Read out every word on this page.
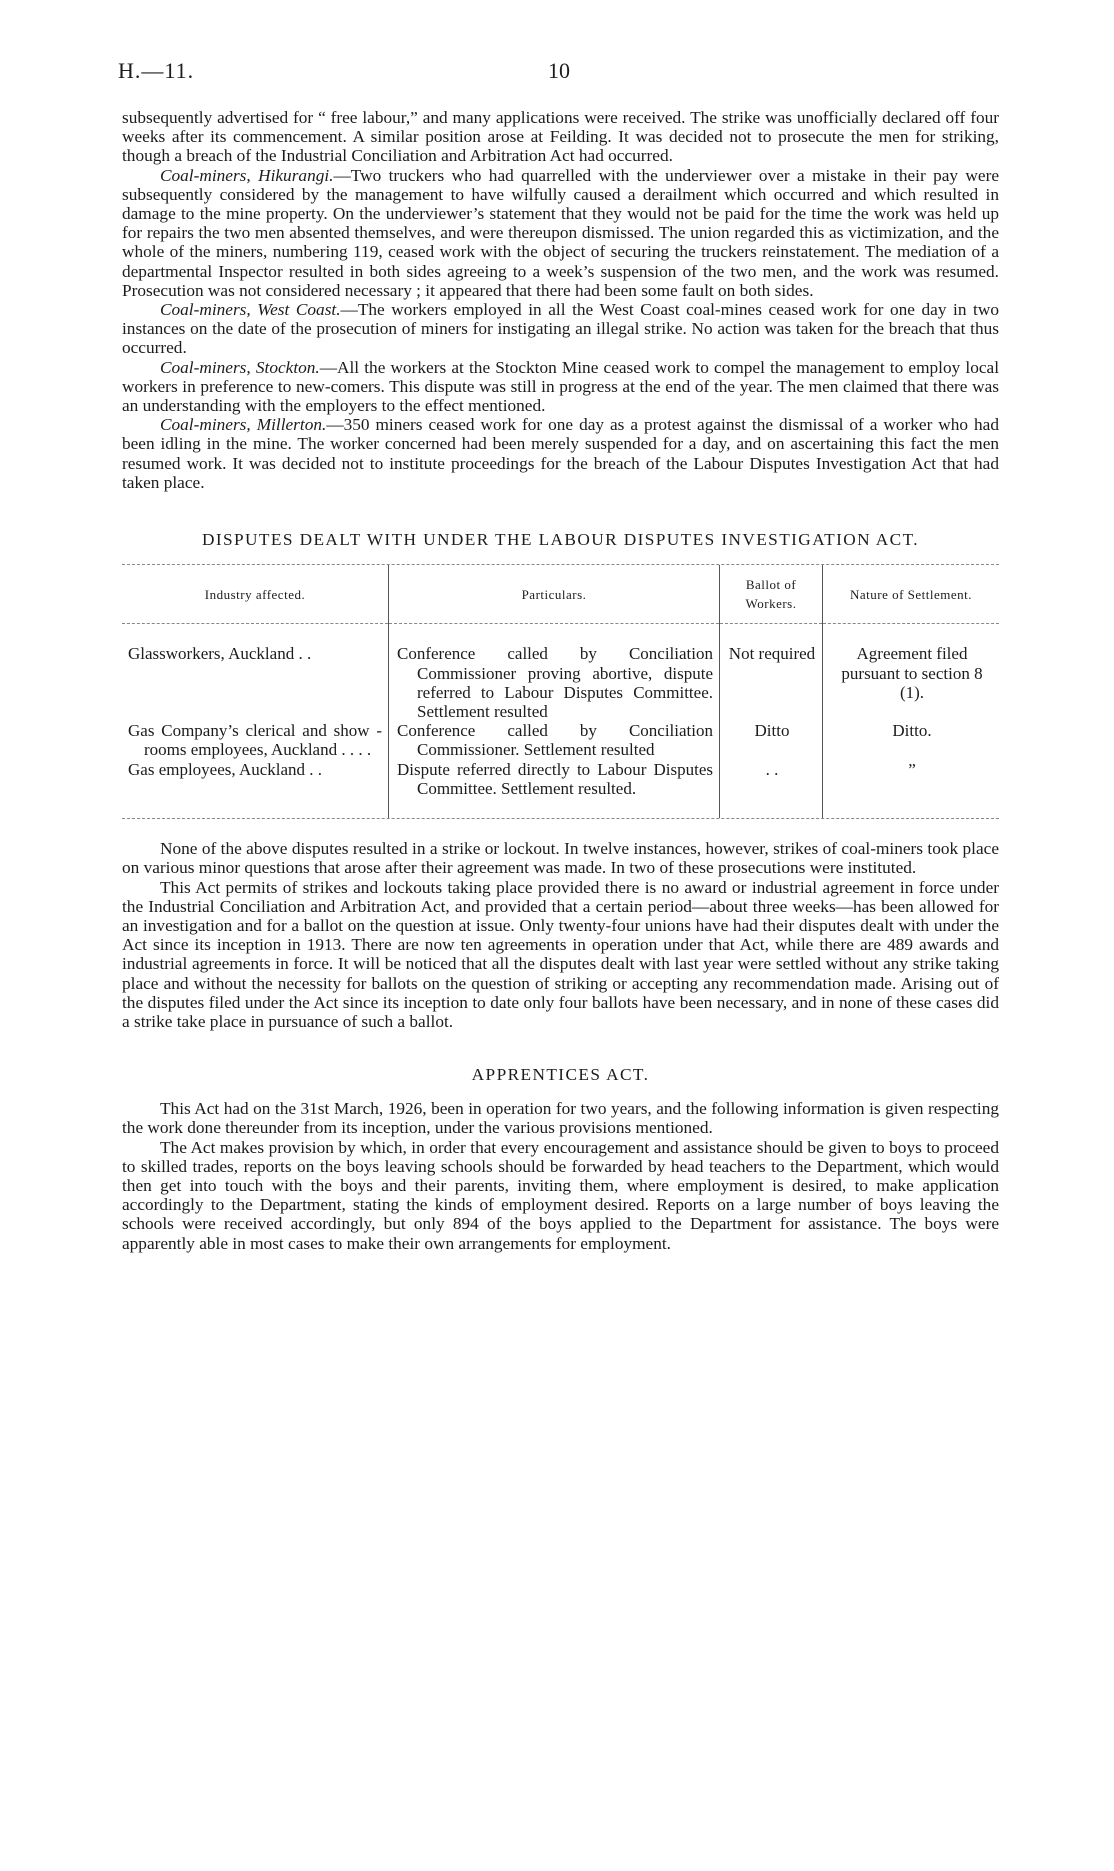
H.—11.	10

subsequently advertised for “ free labour,” and many applications were received. The strike was unofficially declared off four weeks after its commencement. A similar position arose at Feilding. It was decided not to prosecute the men for striking, though a breach of the Industrial Conciliation and Arbitration Act had occurred.

Coal-miners, Hikurangi.—Two truckers who had quarrelled with the underviewer over a mistake in their pay were subsequently considered by the management to have wilfully caused a derailment which occurred and which resulted in damage to the mine property. On the underviewer’s statement that they would not be paid for the time the work was held up for repairs the two men absented themselves, and were thereupon dismissed. The union regarded this as victimization, and the whole of the miners, numbering 119, ceased work with the object of securing the truckers reinstatement. The mediation of a departmental Inspector resulted in both sides agreeing to a week’s suspension of the two men, and the work was resumed. Prosecution was not considered necessary ; it appeared that there had been some fault on both sides.

Coal-miners, West Coast.—The workers employed in all the West Coast coal-mines ceased work for one day in two instances on the date of the prosecution of miners for instigating an illegal strike. No action was taken for the breach that thus occurred.

Coal-miners, Stockton.—All the workers at the Stockton Mine ceased work to compel the management to employ local workers in preference to new-comers. This dispute was still in progress at the end of the year. The men claimed that there was an understanding with the employers to the effect mentioned.

Coal-miners, Millerton.—350 miners ceased work for one day as a protest against the dismissal of a worker who had been idling in the mine. The worker concerned had been merely suspended for a day, and on ascertaining this fact the men resumed work. It was decided not to institute proceedings for the breach of the Labour Disputes Investigation Act that had taken place.

DISPUTES DEALT WITH UNDER THE LABOUR DISPUTES INVESTIGATION ACT.
Industry affected.	Particulars.	Ballot of Workers.	Nature of Settlement.
Glassworkers, Auckland . .	Conference called by Conciliation Commissioner proving abortive, dispute referred to Labour Disputes Committee. Settlement resulted	Not required	Agreement filed pursuant to section 8 (1).
Gas Company’s clerical and show - rooms employees, Auckland . . . .	Conference called by Conciliation Commissioner. Settlement resulted	Ditto	Ditto.
Gas employees, Auckland . .	Dispute referred directly to Labour Disputes Committee. Settlement resulted.	. .	”

None of the above disputes resulted in a strike or lockout. In twelve instances, however, strikes of coal-miners took place on various minor questions that arose after their agreement was made. In two of these prosecutions were instituted.

This Act permits of strikes and lockouts taking place provided there is no award or industrial agreement in force under the Industrial Conciliation and Arbitration Act, and provided that a certain period—about three weeks—has been allowed for an investigation and for a ballot on the question at issue. Only twenty-four unions have had their disputes dealt with under the Act since its inception in 1913. There are now ten agreements in operation under that Act, while there are 489 awards and industrial agreements in force. It will be noticed that all the disputes dealt with last year were settled without any strike taking place and without the necessity for ballots on the question of striking or accepting any recommendation made. Arising out of the disputes filed under the Act since its inception to date only four ballots have been necessary, and in none of these cases did a strike take place in pursuance of such a ballot.

APPRENTICES ACT.

This Act had on the 31st March, 1926, been in operation for two years, and the following information is given respecting the work done thereunder from its inception, under the various provisions mentioned.

The Act makes provision by which, in order that every encouragement and assistance should be given to boys to proceed to skilled trades, reports on the boys leaving schools should be forwarded by head teachers to the Department, which would then get into touch with the boys and their parents, inviting them, where employment is desired, to make application accordingly to the Department, stating the kinds of employment desired. Reports on a large number of boys leaving the schools were received accordingly, but only 894 of the boys applied to the Department for assistance. The boys were apparently able in most cases to make their own arrangements for employment.
